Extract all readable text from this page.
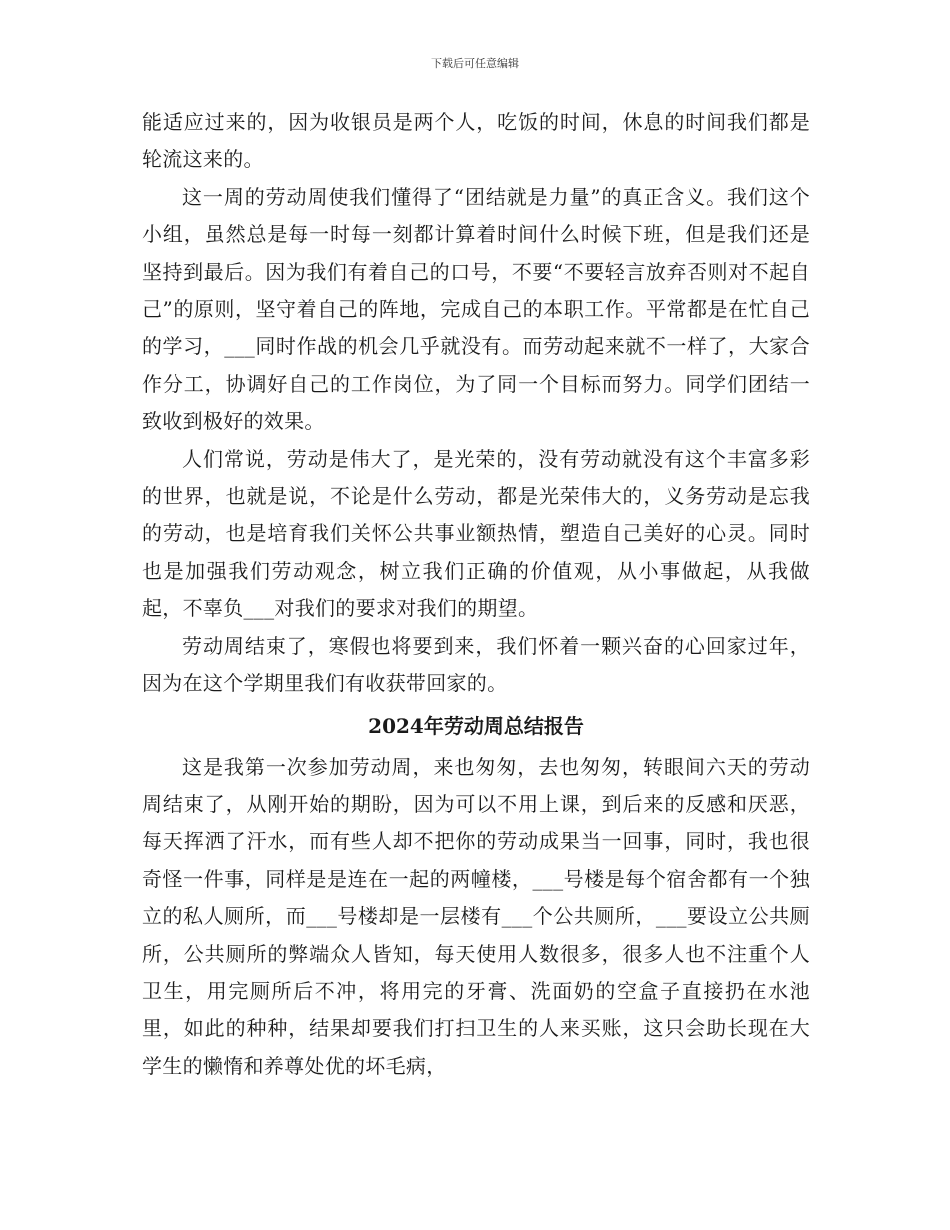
下载后可任意编辑

能适应过来的，因为收银员是两个人，吃饭的时间，休息的时间我们都是轮流这来的。

这一周的劳动周使我们懂得了“团结就是力量”的真正含义。我们这个小组，虽然总是每一时每一刻都计算着时间什么时候下班，但是我们还是坚持到最后。因为我们有着自己的口号，不要“不要轻言放弃否则对不起自己”的原则，坚守着自己的阵地，完成自己的本职工作。平常都是在忙自己的学习，___同时作战的机会几乎就没有。而劳动起来就不一样了，大家合作分工，协调好自己的工作岗位，为了同一个目标而努力。同学们团结一致收到极好的效果。

人们常说，劳动是伟大了，是光荣的，没有劳动就没有这个丰富多彩的世界，也就是说，不论是什么劳动，都是光荣伟大的，义务劳动是忘我的劳动，也是培育我们关怀公共事业额热情，塑造自己美好的心灵。同时也是加强我们劳动观念，树立我们正确的价值观，从小事做起，从我做起，不辜负___对我们的要求对我们的期望。

劳动周结束了，寒假也将要到来，我们怀着一颗兴奋的心回家过年，因为在这个学期里我们有收获带回家的。

2024年劳动周总结报告

这是我第一次参加劳动周，来也匆匆，去也匆匆，转眼间六天的劳动周结束了，从刚开始的期盼，因为可以不用上课，到后来的反感和厌恶，每天挥洒了汗水，而有些人却不把你的劳动成果当一回事，同时，我也很奇怪一件事，同样是是连在一起的两幢楼，___号楼是每个宿舍都有一个独立的私人厕所，而___号楼却是一层楼有___个公共厕所，___要设立公共厕所，公共厕所的弊端众人皆知，每天使用人数很多，很多人也不注重个人卫生，用完厕所后不冲，将用完的牙膏、洗面奶的空盒子直接扔在水池里，如此的种种，结果却要我们打扫卫生的人来买账，这只会助长现在大学生的懒惰和养尊处优的坏毛病，
